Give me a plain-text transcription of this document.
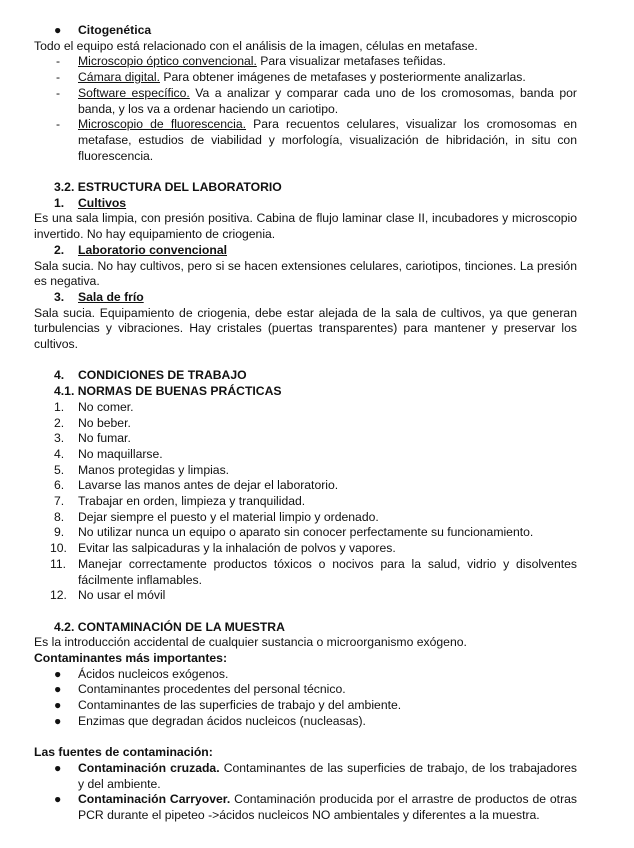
● Citogenética

Todo el equipo está relacionado con el análisis de la imagen, células en metafase.

- Microscopio óptico convencional. Para visualizar metafases teñidas.
- Cámara digital. Para obtener imágenes de metafases y posteriormente analizarlas.
- Software específico. Va a analizar y comparar cada uno de los cromosomas, banda por banda, y los va a ordenar haciendo un cariotipo.
- Microscopio de fluorescencia. Para recuentos celulares, visualizar los cromosomas en metafase, estudios de viabilidad y morfología, visualización de hibridación, in situ con fluorescencia.

3.2. ESTRUCTURA DEL LABORATORIO

1. Cultivos

Es una sala limpia, con presión positiva. Cabina de flujo laminar clase II, incubadores y microscopio invertido. No hay equipamiento de criogenia.

2. Laboratorio convencional

Sala sucia. No hay cultivos, pero si se hacen extensiones celulares, cariotipos, tinciones. La presión es negativa.

3. Sala de frío

Sala sucia. Equipamiento de criogenia, debe estar alejada de la sala de cultivos, ya que generan turbulencias y vibraciones. Hay cristales (puertas transparentes) para mantener y preservar los cultivos.

4. CONDICIONES DE TRABAJO

4.1. NORMAS DE BUENAS PRÁCTICAS

1. No comer.
2. No beber.
3. No fumar.
4. No maquillarse.
5. Manos protegidas y limpias.
6. Lavarse las manos antes de dejar el laboratorio.
7. Trabajar en orden, limpieza y tranquilidad.
8. Dejar siempre el puesto y el material limpio y ordenado.
9. No utilizar nunca un equipo o aparato sin conocer perfectamente su funcionamiento.
10. Evitar las salpicaduras y la inhalación de polvos y vapores.
11. Manejar correctamente productos tóxicos o nocivos para la salud, vidrio y disolventes fácilmente inflamables.
12. No usar el móvil

4.2. CONTAMINACIÓN DE LA MUESTRA

Es la introducción accidental de cualquier sustancia o microorganismo exógeno.

Contaminantes más importantes:

● Ácidos nucleicos exógenos.
● Contaminantes procedentes del personal técnico.
● Contaminantes de las superficies de trabajo y del ambiente.
● Enzimas que degradan ácidos nucleicos (nucleasas).

Las fuentes de contaminación:

● Contaminación cruzada. Contaminantes de las superficies de trabajo, de los trabajadores y del ambiente.
● Contaminación Carryover. Contaminación producida por el arrastre de productos de otras PCR durante el pipeteo ->ácidos nucleicos NO ambientales y diferentes a la muestra.
